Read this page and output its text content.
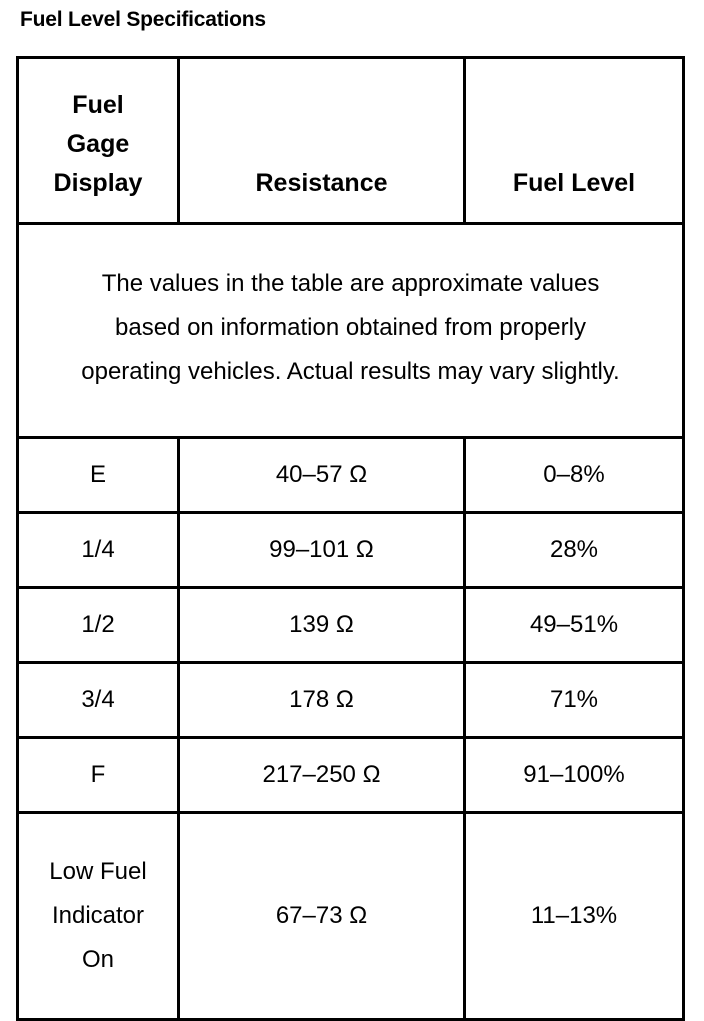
Fuel Level Specifications
Fuel Gage Display	Resistance	Fuel Level
The values in the table are approximate values based on information obtained from properly operating vehicles. Actual results may vary slightly.		
E	40–57 Ω	0–8%
1/4	99–101 Ω	28%
1/2	139 Ω	49–51%
3/4	178 Ω	71%
F	217–250 Ω	91–100%
Low Fuel Indicator On	67–73 Ω	11–13%
